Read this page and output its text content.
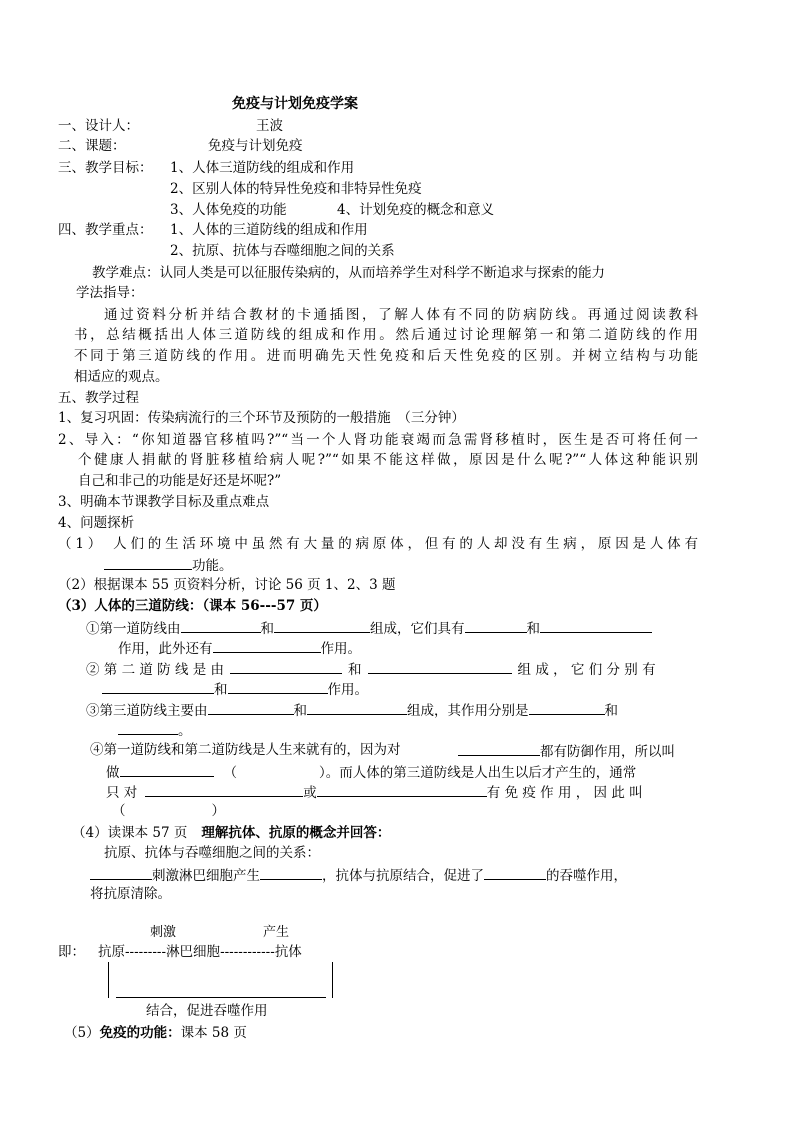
免疫与计划免疫学案
一、设计人：	王波
二、课题：	免疫与计划免疫
三、教学目标： 1、人体三道防线的组成和作用
2、区别人体的特异性免疫和非特异性免疫
3、人体免疫的功能	4、计划免疫的概念和意义
四、教学重点： 1、人体的三道防线的组成和作用
2、抗原、抗体与吞噬细胞之间的关系
教学难点：认同人类是可以征服传染病的，从而培养学生对科学不断追求与探索的能力
学法指导：
通过资料分析并结合教材的卡通插图，了解人体有不同的防病防线。再通过阅读教科
书，总结概括出人体三道防线的组成和作用。然后通过讨论理解第一和第二道防线的作用
不同于第三道防线的作用。进而明确先天性免疫和后天性免疫的区别。并树立结构与功能
相适应的观点。
五、教学过程
1、复习巩固：传染病流行的三个环节及预防的一般措施　（三分钟）
2、导入：“你知道器官移植吗?”“当一个人肾功能衰竭而急需肾移植时，医生是否可将任何一
个健康人捐献的肾脏移植给病人呢?”“如果不能这样做，原因是什么呢?”“人体这种能识别
自己和非己的功能是好还是坏呢?”
3、明确本节课教学目标及重点难点
4、问题探析
（1） 人们的生活环境中虽然有大量的病原体，但有的人却没有生病，原因是人体有
功能。
（2）根据课本 55 页资料分析，讨论 56 页 1、2、3 题
（3）人体的三道防线：（课本 56---57 页）
①第一道防线由	和	组成，它们具有	和
作用，此外还有	作用。
② 第 二 道 防 线 是 由	和	组 成 ， 它 们 分 别 有
和	作用。
③第三道防线主要由	和	组成，其作用分别是	和
。
④第一道防线和第二道防线是人生来就有的，因为对	都有防御作用，所以叫
做	（	）。而人体的第三道防线是人出生以后才产生的，通常
只 对	或	有 免 疫 作 用 ， 因 此 叫
（	）
（4）读课本 57 页 理解抗体、抗原的概念并回答：
抗原、抗体与吞噬细胞之间的关系：
刺激淋巴细胞产生	，抗体与抗原结合，促进了	的吞噬作用，
将抗原清除。
刺激	产生
即： 抗原---------淋巴细胞------------抗体
结合，促进吞噬作用
（5）免疫的功能：课本 58 页
